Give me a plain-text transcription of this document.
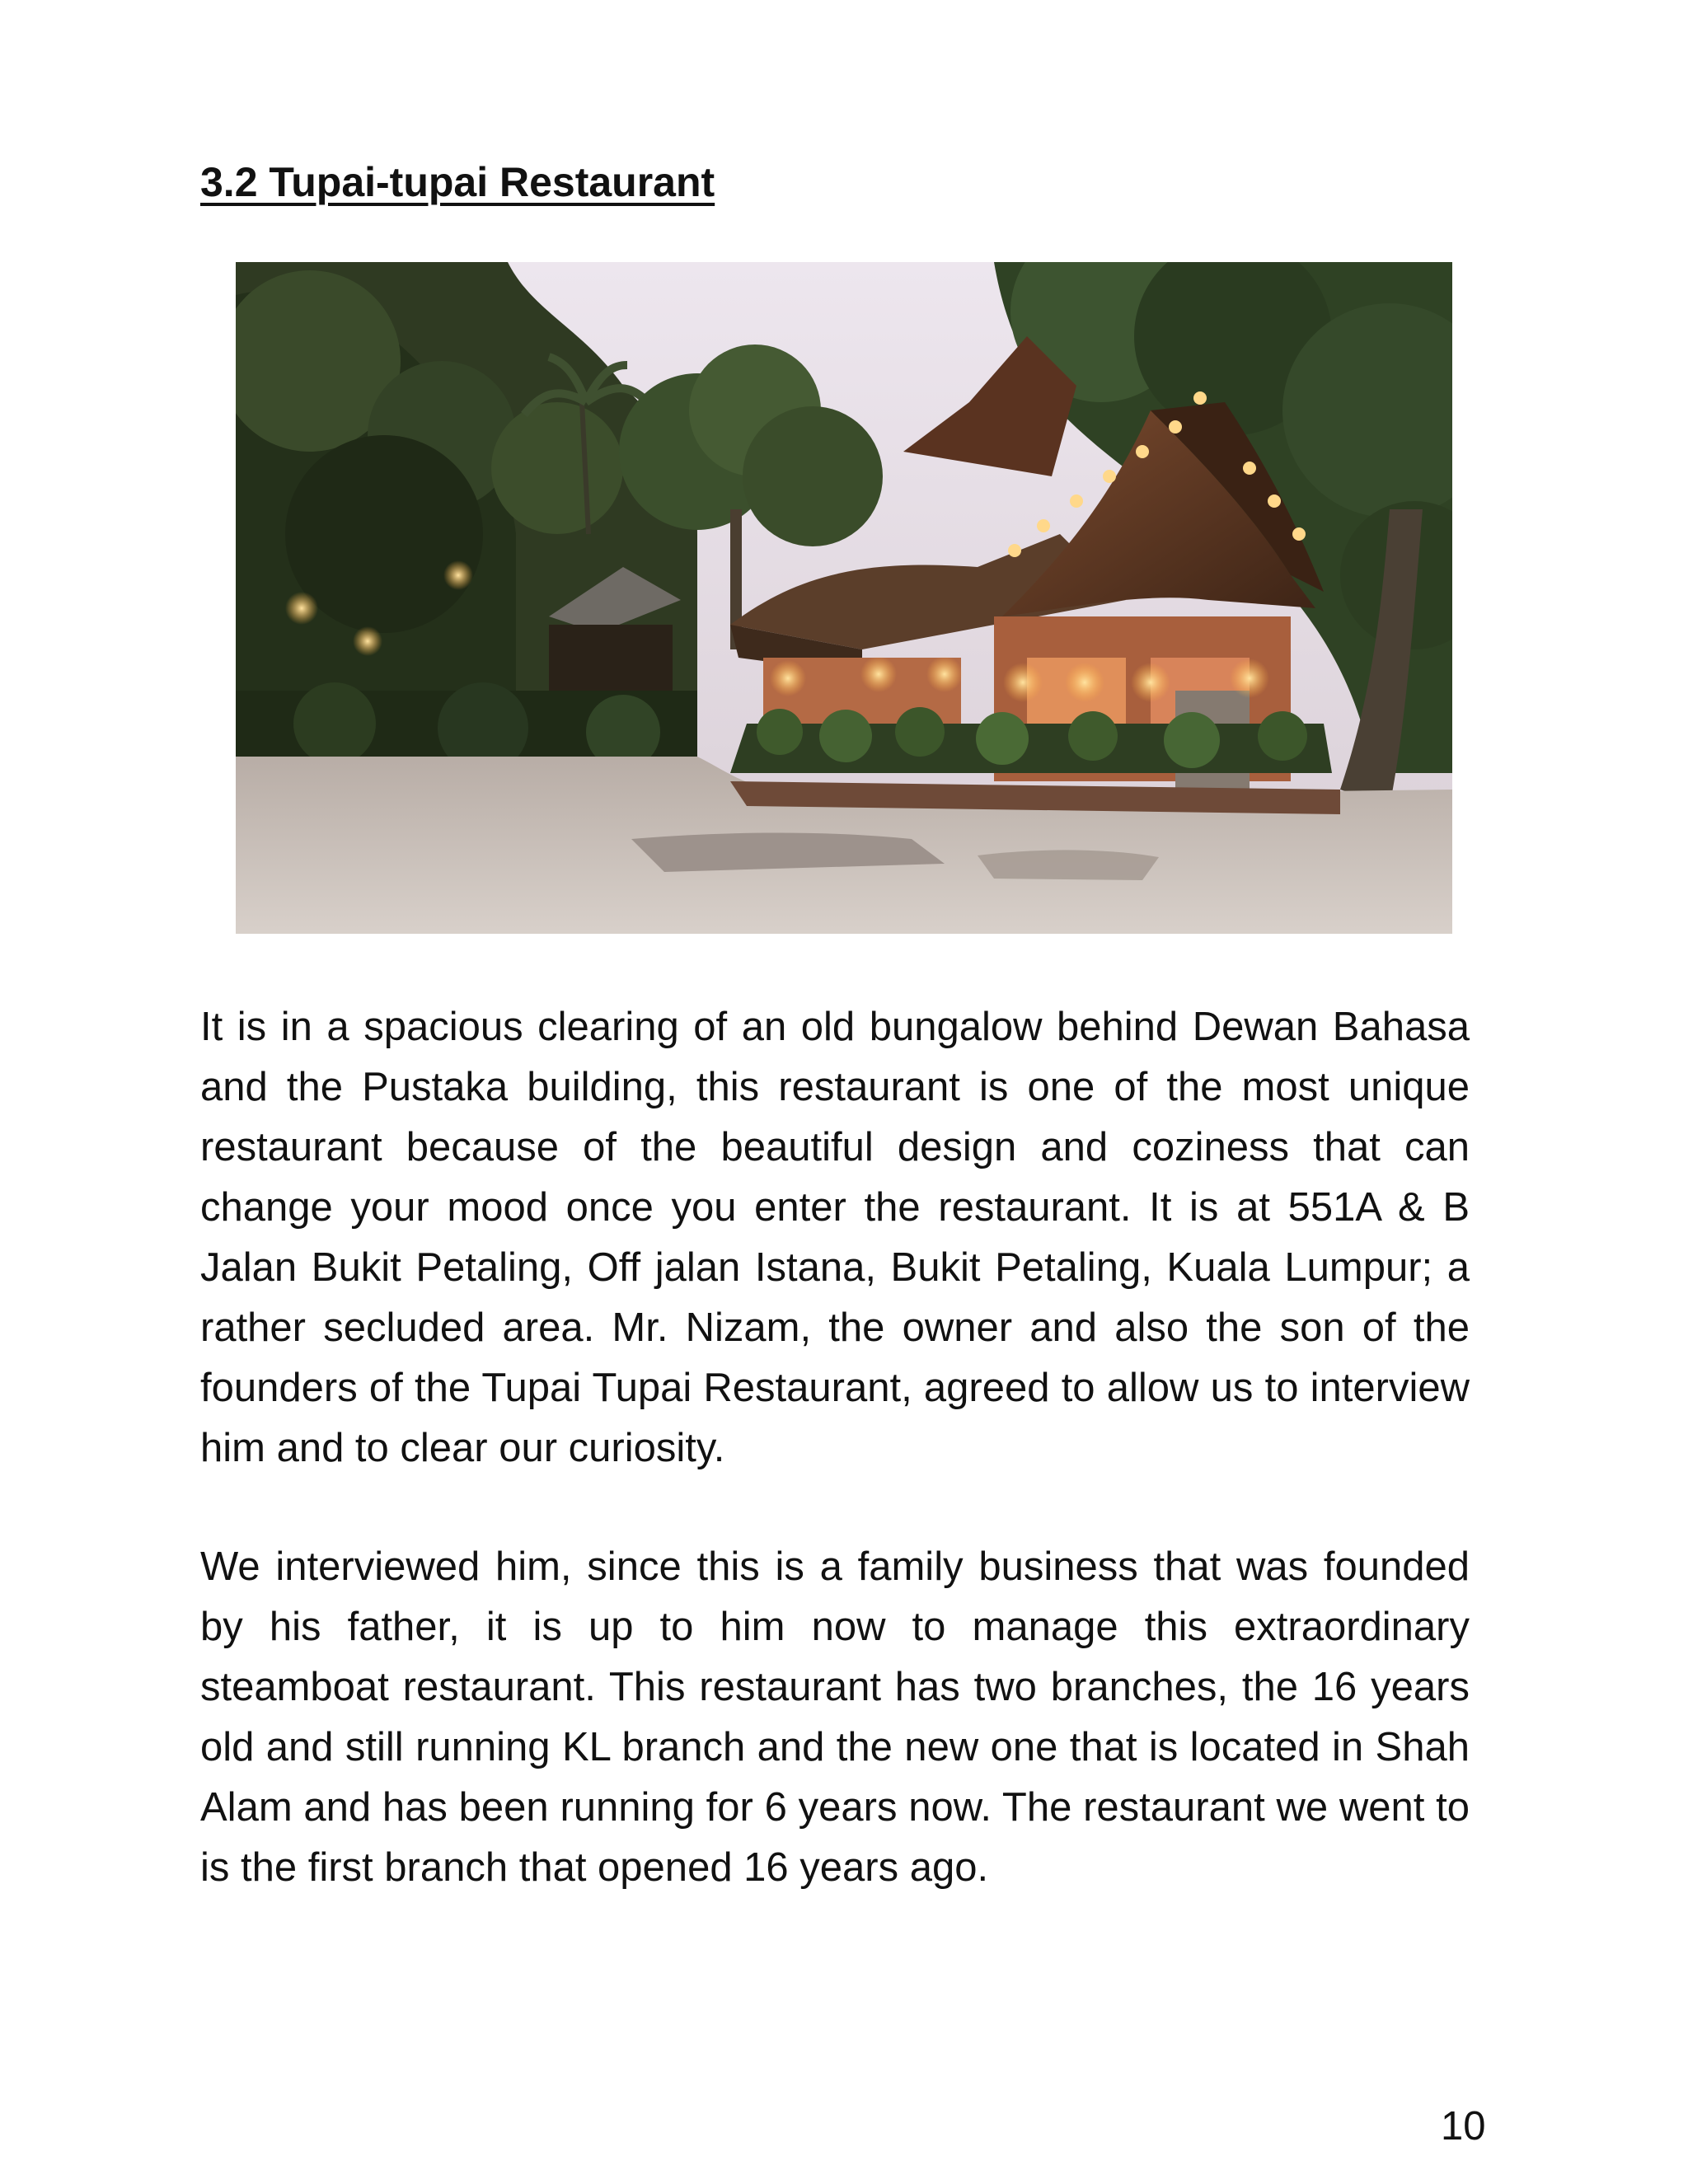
3.2 Tupai-tupai Restaurant

It is in a spacious clearing of an old bungalow behind Dewan Bahasa and the Pustaka building, this restaurant is one of the most unique restaurant because of the beautiful design and coziness that can change your mood once you enter the restaurant. It is at 551A & B Jalan Bukit Petaling, Off jalan Istana, Bukit Petaling, Kuala Lumpur; a rather secluded area. Mr. Nizam, the owner and also the son of the founders of the Tupai Tupai Restaurant, agreed to allow us to interview him and to clear our curiosity.

We interviewed him, since this is a family business that was founded by his father, it is up to him now to manage this extraordinary steamboat restaurant. This restaurant has two branches, the 16 years old and still running KL branch and the new one that is located in Shah Alam and has been running for 6 years now. The restaurant we went to is the first branch that opened 16 years ago.

10
